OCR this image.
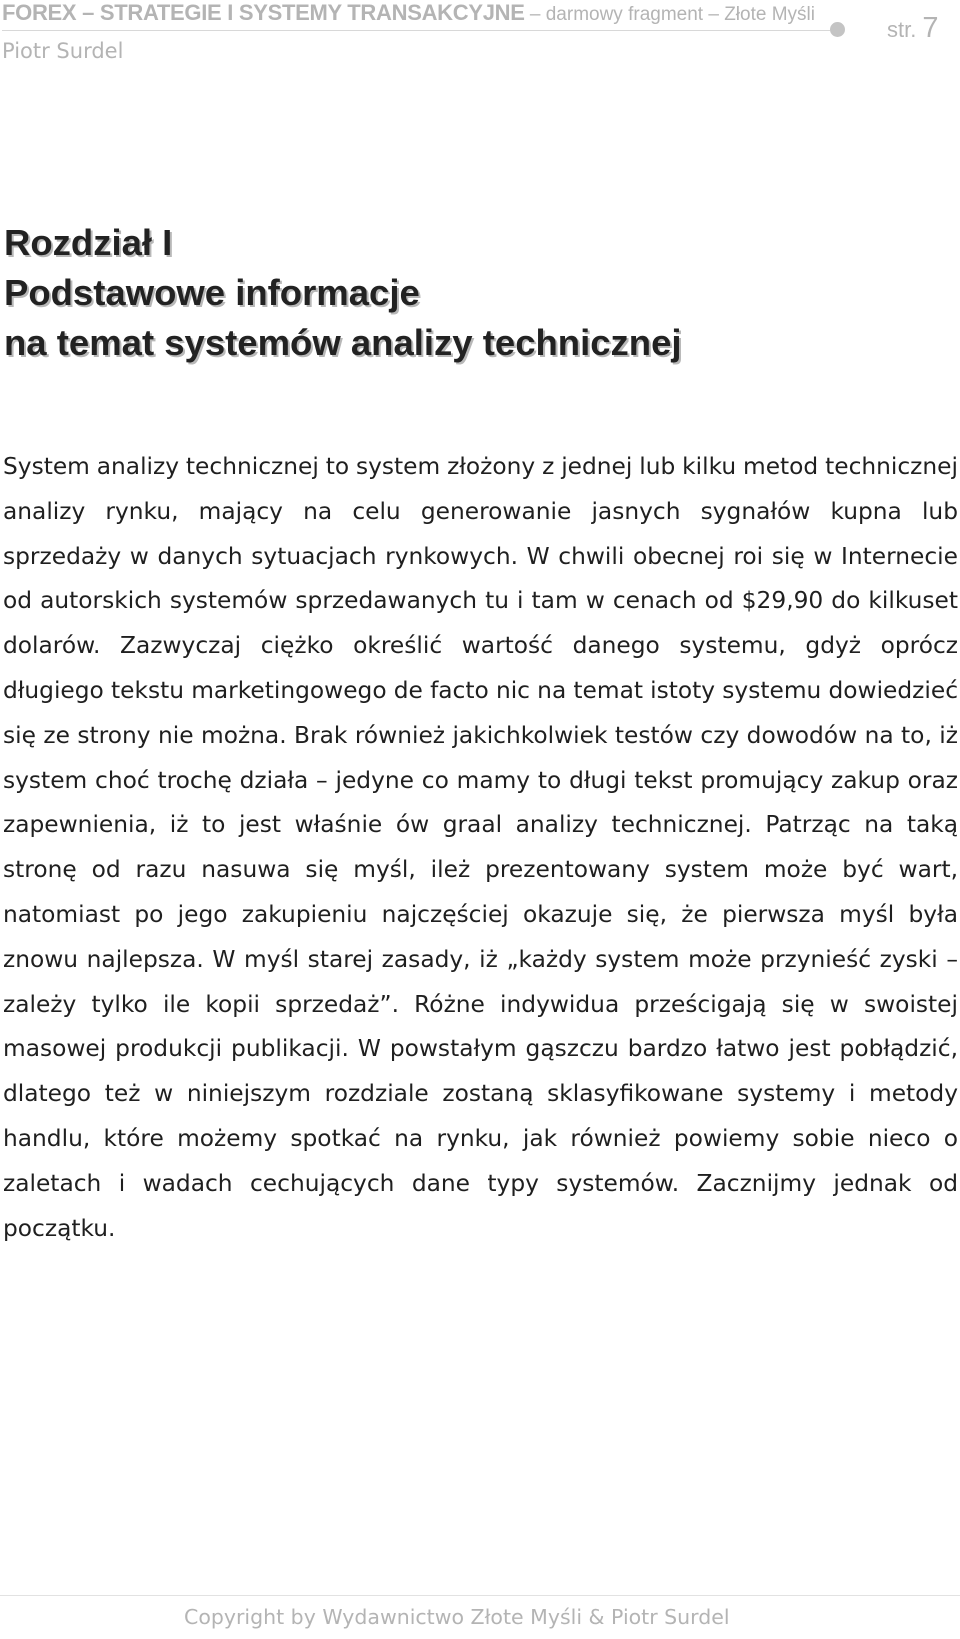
FOREX – STRATEGIE I SYSTEMY TRANSAKCYJNE – darmowy fragment – Złote Myśli
Piotr Surdel
str. 7
Rozdział I
Podstawowe informacje
na temat systemów analizy technicznej

System analizy technicznej to system złożony z jednej lub kilku metod technicznej analizy rynku, mający na celu generowanie jasnych sygnałów kupna lub sprzedaży w danych sytuacjach rynkowych. W chwili obecnej roi się w Internecie od autorskich systemów sprzedawanych tu i tam w cenach od $29,90 do kilkuset dolarów. Zazwyczaj ciężko określić wartość danego systemu, gdyż oprócz długiego tekstu marketingowego de facto nic na temat istoty systemu dowiedzieć się ze strony nie można. Brak również jakichkolwiek testów czy dowodów na to, iż system choć trochę działa – jedyne co mamy to długi tekst promujący zakup oraz zapewnienia, iż to jest właśnie ów graal analizy technicznej. Patrząc na taką stronę od razu nasuwa się myśl, ileż prezentowany system może być wart, natomiast po jego zakupieniu najczęściej okazuje się, że pierwsza myśl była znowu najlepsza. W myśl starej zasady, iż „każdy system może przynieść zyski – zależy tylko ile kopii sprzedaż”. Różne indywidua prześcigają się w swoistej masowej produkcji publikacji. W powstałym gąszczu bardzo łatwo jest pobłądzić, dlatego też w niniejszym rozdziale zostaną sklasyfikowane systemy i metody handlu, które możemy spotkać na rynku, jak również powiemy sobie nieco o zaletach i wadach cechujących dane typy systemów. Zacznijmy jednak od początku.

Copyright by Wydawnictwo Złote Myśli & Piotr Surdel
